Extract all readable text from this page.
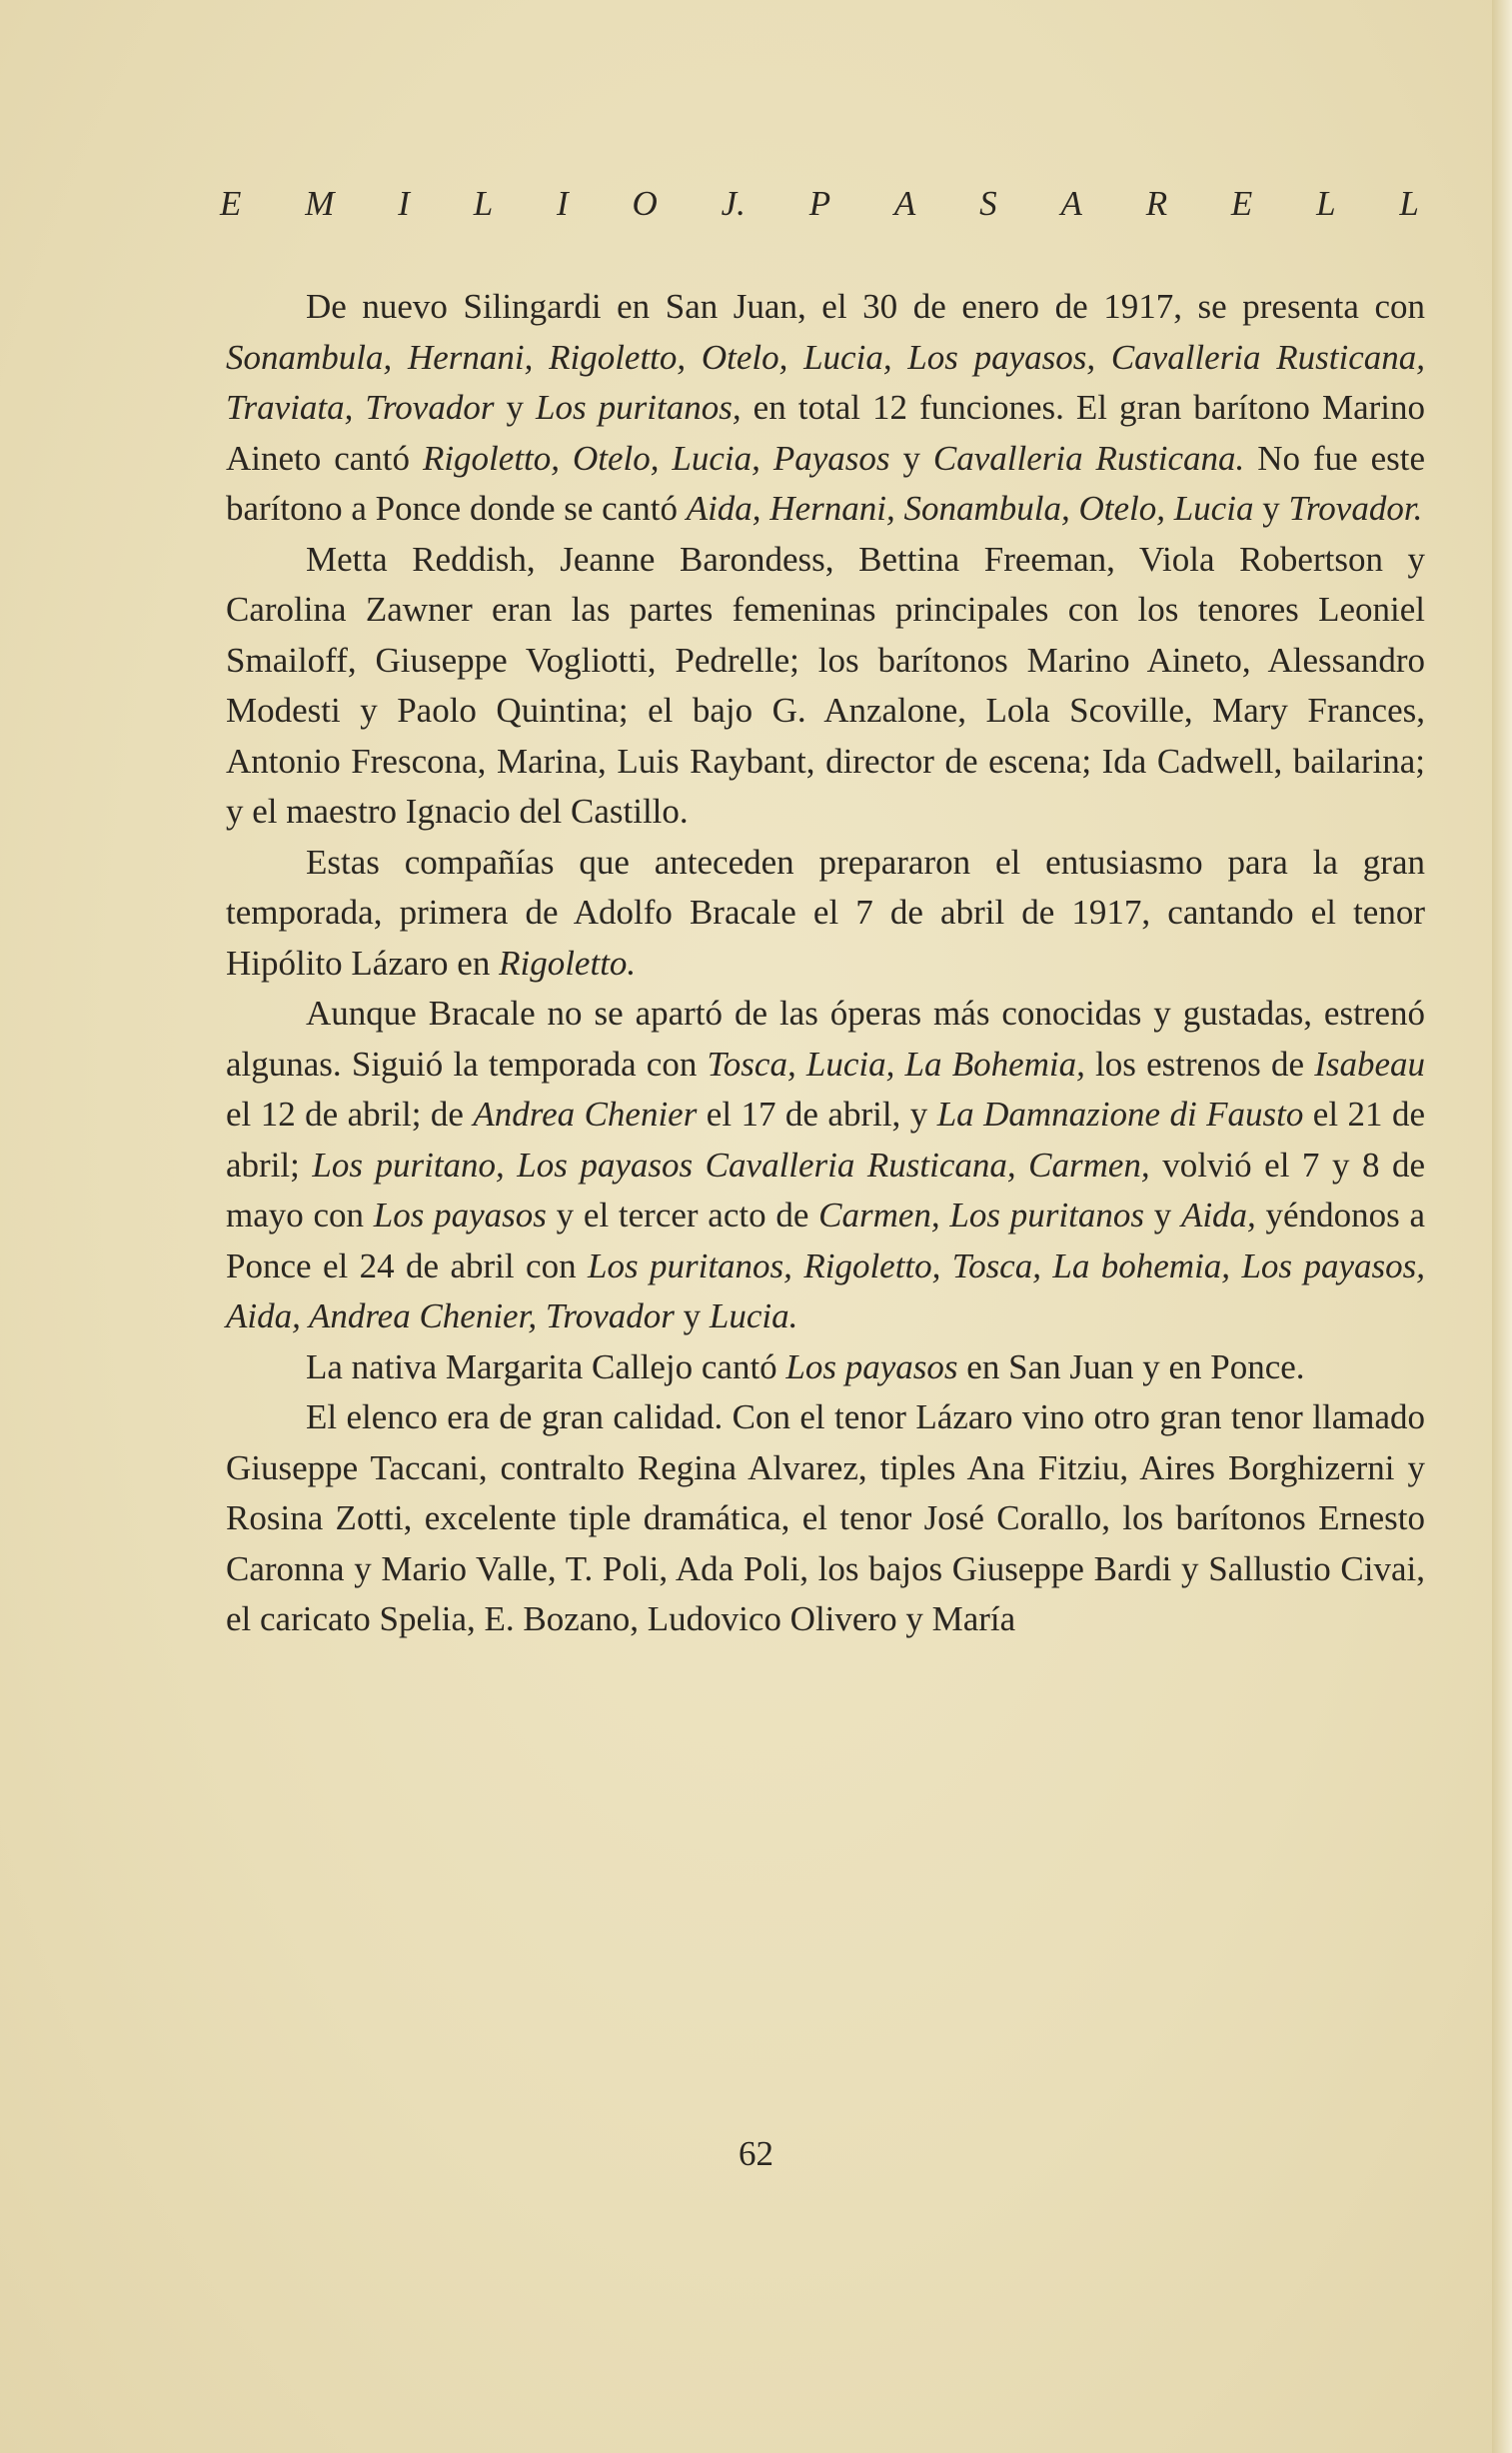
E M I L I O J. P A S A R E L L

De nuevo Silingardi en San Juan, el 30 de enero de 1917, se presenta con Sonambula, Hernani, Rigoletto, Otelo, Lucia, Los payasos, Cavalleria Rusticana, Traviata, Trovador y Los puritanos, en total 12 funciones. El gran barítono Marino Aineto cantó Rigoletto, Otelo, Lucia, Payasos y Cavalleria Rusticana. No fue este barítono a Ponce donde se cantó Aida, Hernani, Sonambula, Otelo, Lucia y Trovador.

Metta Reddish, Jeanne Barondess, Bettina Freeman, Viola Robertson y Carolina Zawner eran las partes femeninas principales con los tenores Leoniel Smailoff, Giuseppe Vogliotti, Pedrelle; los barítonos Marino Aineto, Alessandro Modesti y Paolo Quintina; el bajo G. Anzalone, Lola Scoville, Mary Frances, Antonio Frescona, Marina, Luis Raybant, director de escena; Ida Cadwell, bailarina; y el maestro Ignacio del Castillo.

Estas compañías que anteceden prepararon el entusiasmo para la gran temporada, primera de Adolfo Bracale el 7 de abril de 1917, cantando el tenor Hipólito Lázaro en Rigoletto.

Aunque Bracale no se apartó de las óperas más conocidas y gustadas, estrenó algunas. Siguió la temporada con Tosca, Lucia, La Bohemia, los estrenos de Isabeau el 12 de abril; de Andrea Chenier el 17 de abril, y La Damnazione di Fausto el 21 de abril; Los puritano, Los payasos Cavalleria Rusticana, Carmen, volvió el 7 y 8 de mayo con Los payasos y el tercer acto de Carmen, Los puritanos y Aida, yéndonos a Ponce el 24 de abril con Los puritanos, Rigoletto, Tosca, La bohemia, Los payasos, Aida, Andrea Chenier, Trovador y Lucia.

La nativa Margarita Callejo cantó Los payasos en San Juan y en Ponce.

El elenco era de gran calidad. Con el tenor Lázaro vino otro gran tenor llamado Giuseppe Taccani, contralto Regina Alvarez, tiples Ana Fitziu, Aires Borghizerni y Rosina Zotti, excelente tiple dramática, el tenor José Corallo, los barítonos Ernesto Caronna y Mario Valle, T. Poli, Ada Poli, los bajos Giuseppe Bardi y Sallustio Civai, el caricato Spelia, E. Bozano, Ludovico Olivero y María

62
